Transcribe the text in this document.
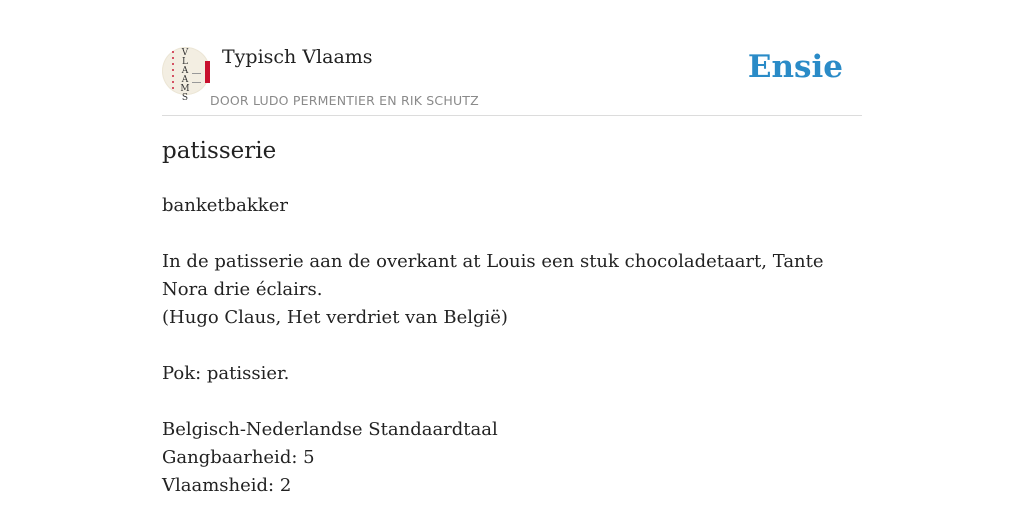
VLAAMS
Typisch Vlaams
DOOR LUDO PERMENTIER EN RIK SCHUTZ
Ensie
patisserie

banketbakker

In de patisserie aan de overkant at Louis een stuk chocoladetaart, Tante Nora drie éclairs.

(Hugo Claus, Het verdriet van België)

Pok: patissier.

Belgisch-Nederlandse Standaardtaal

Gangbaarheid: 5

Vlaamsheid: 2
